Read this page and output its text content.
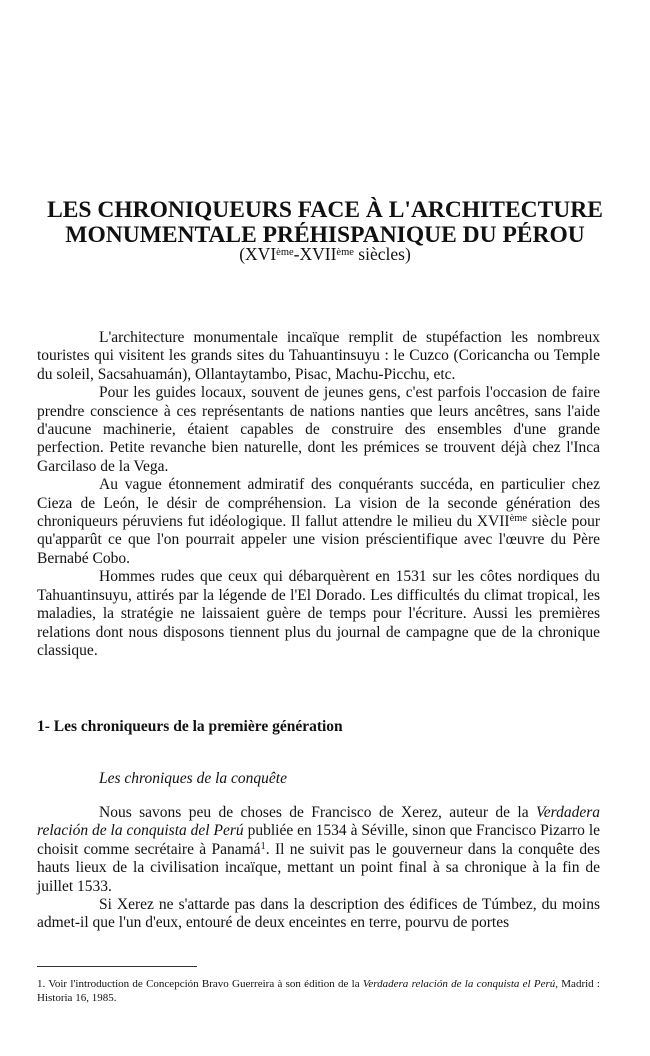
LES CHRONIQUEURS FACE À L'ARCHITECTURE
MONUMENTALE PRÉHISPANIQUE DU PÉROU
(XVIème-XVIIème siècles)

L'architecture monumentale incaïque remplit de stupéfaction les nombreux touristes qui visitent les grands sites du Tahuantinsuyu : le Cuzco (Coricancha ou Temple du soleil, Sacsahuamán), Ollantaytambo, Pisac, Machu-Picchu, etc.

Pour les guides locaux, souvent de jeunes gens, c'est parfois l'occasion de faire prendre conscience à ces représentants de nations nanties que leurs ancêtres, sans l'aide d'aucune machinerie, étaient capables de construire des ensembles d'une grande perfection. Petite revanche bien naturelle, dont les prémices se trouvent déjà chez l'Inca Garcilaso de la Vega.

Au vague étonnement admiratif des conquérants succéda, en particulier chez Cieza de León, le désir de compréhension. La vision de la seconde génération des chroniqueurs péruviens fut idéologique. Il fallut attendre le milieu du XVIIème siècle pour qu'apparût ce que l'on pourrait appeler une vision préscientifique avec l'œuvre du Père Bernabé Cobo.

Hommes rudes que ceux qui débarquèrent en 1531 sur les côtes nordiques du Tahuantinsuyu, attirés par la légende de l'El Dorado. Les difficultés du climat tropical, les maladies, la stratégie ne laissaient guère de temps pour l'écriture. Aussi les premières relations dont nous disposons tiennent plus du journal de campagne que de la chronique classique.

1- Les chroniqueurs de la première génération
Les chroniques de la conquête

Nous savons peu de choses de Francisco de Xerez, auteur de la Verdadera relación de la conquista del Perú publiée en 1534 à Séville, sinon que Francisco Pizarro le choisit comme secrétaire à Panamá$^1$. Il ne suivit pas le gouverneur dans la conquête des hauts lieux de la civilisation incaïque, mettant un point final à sa chronique à la fin de juillet 1533.

Si Xerez ne s'attarde pas dans la description des édifices de Túmbez, du moins admet-il que l'un d'eux, entouré de deux enceintes en terre, pourvu de portes

1. Voir l'introduction de Concepción Bravo Guerreira à son édition de la Verdadera relación de la conquista el Perú, Madrid : Historia 16, 1985.
